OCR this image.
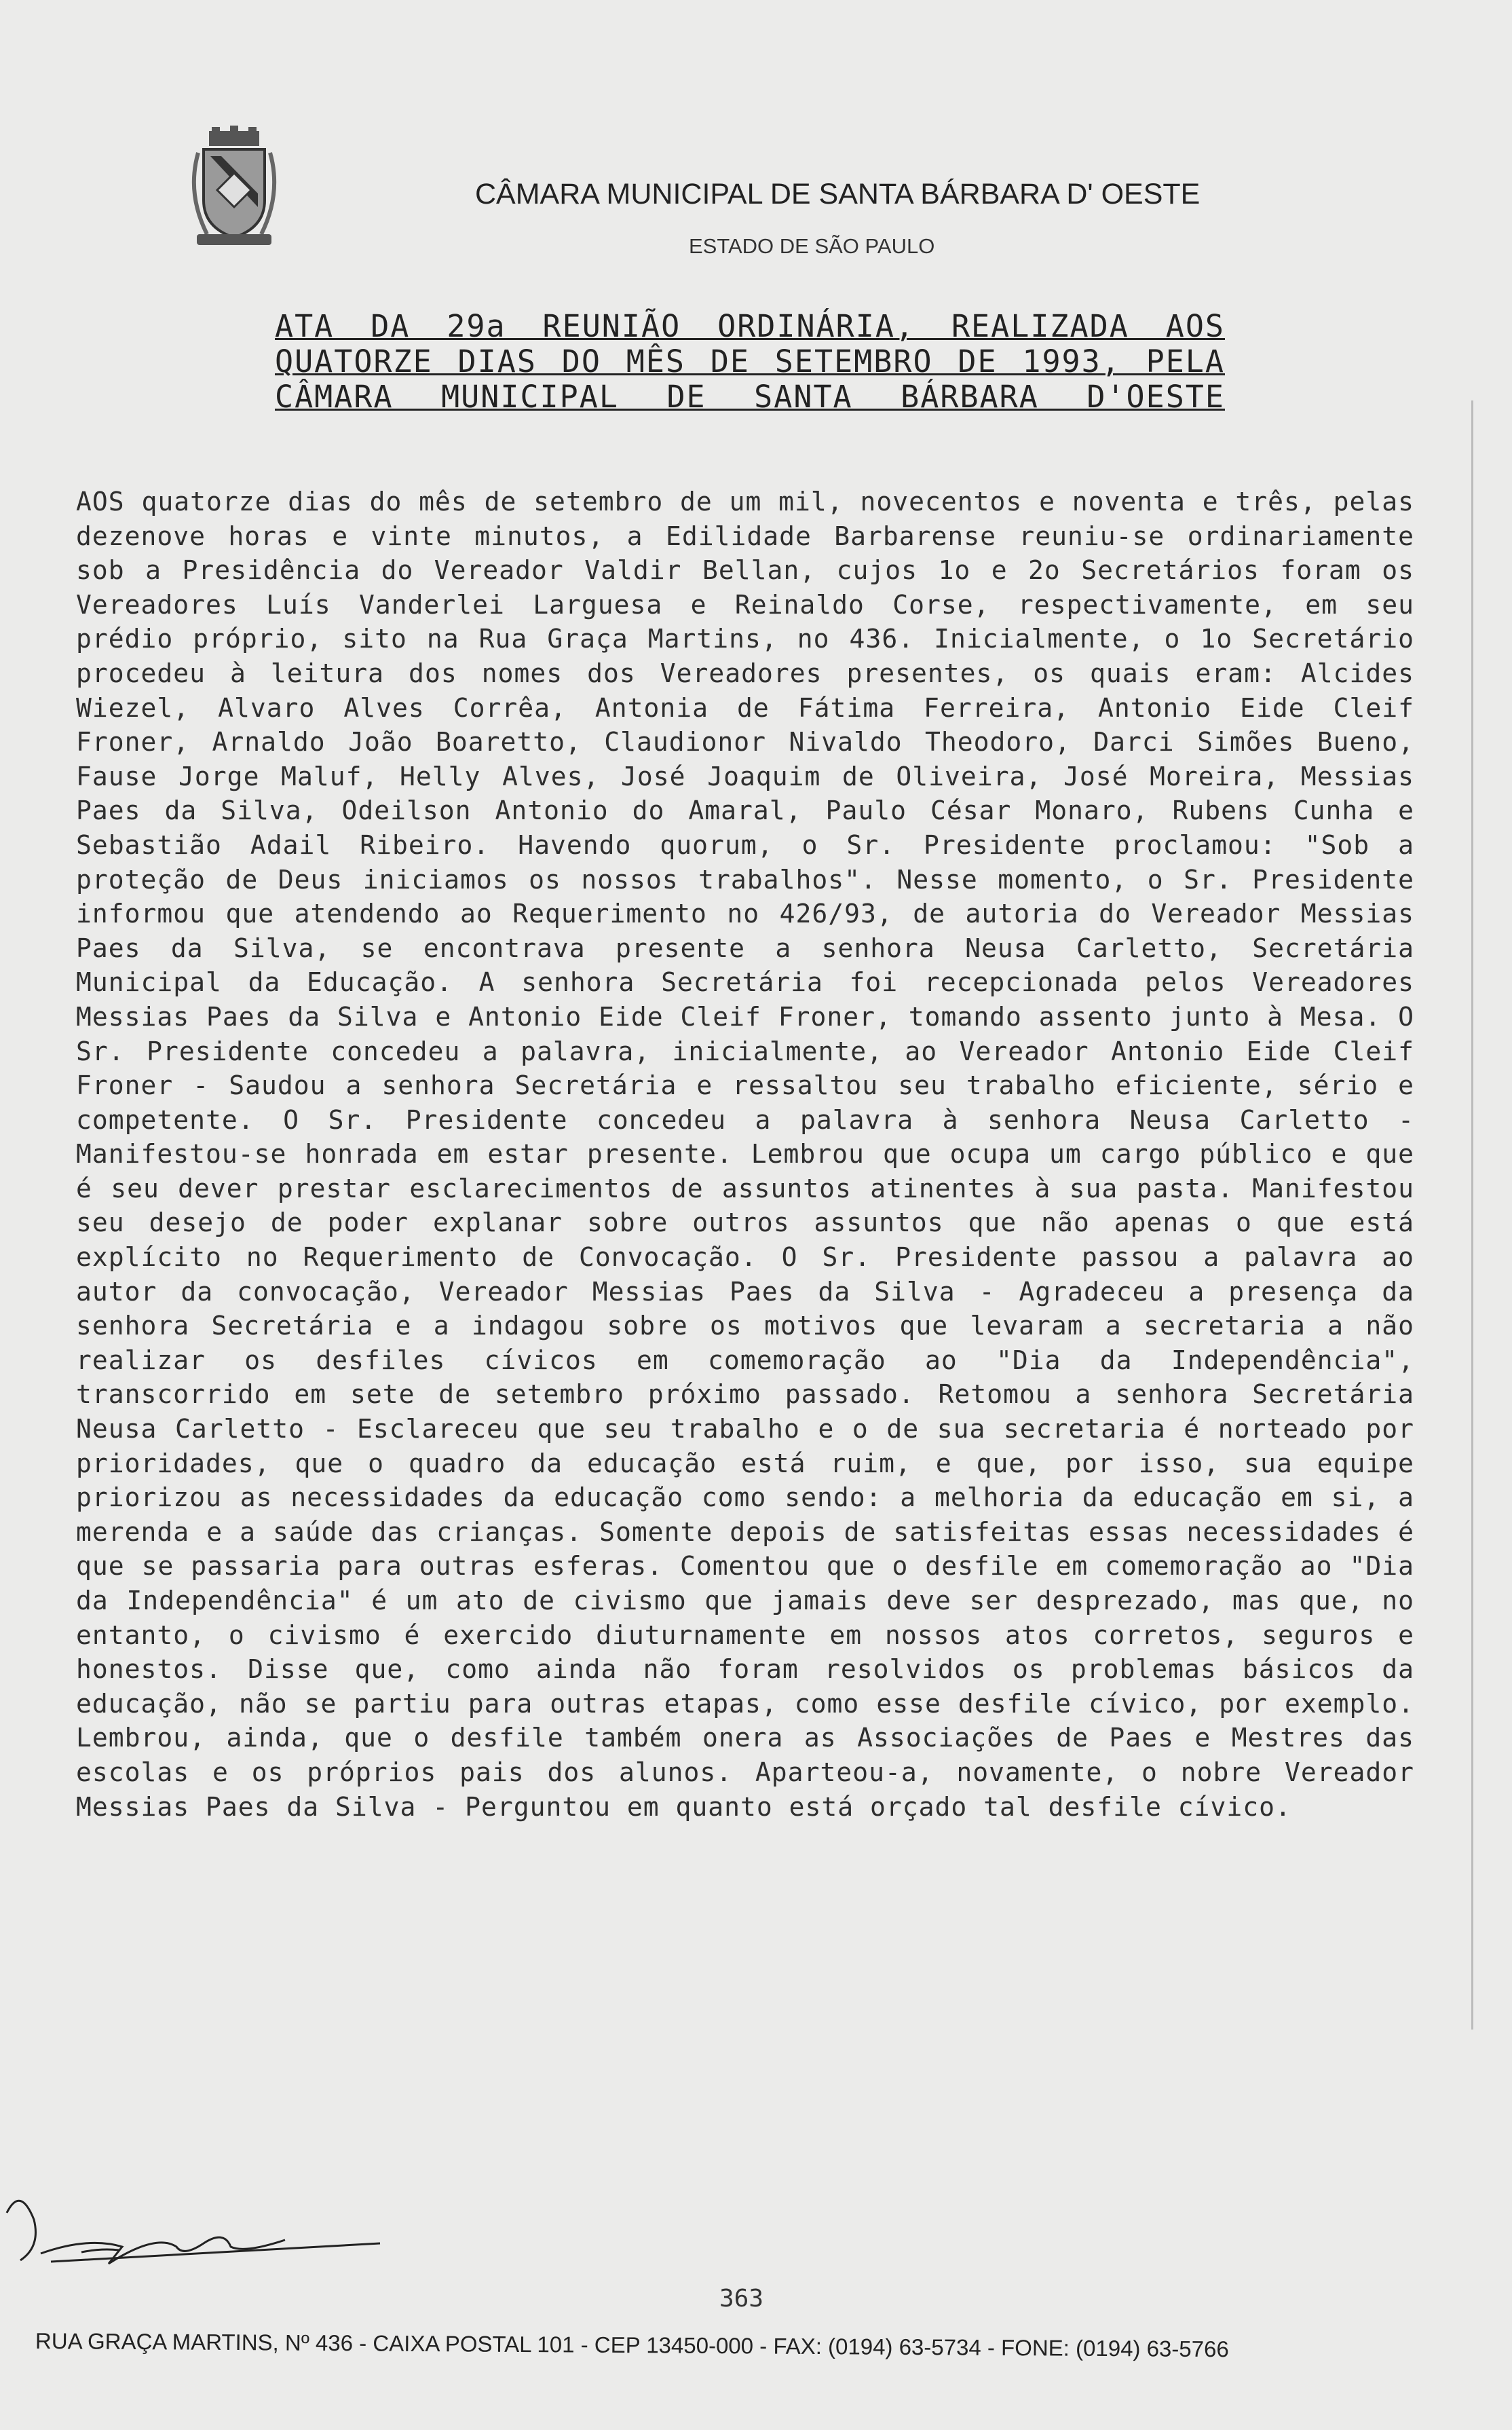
CÂMARA MUNICIPAL DE SANTA BÁRBARA D' OESTE
ESTADO DE SÃO PAULO
ATA DA 29a REUNIÃO ORDINÁRIA, REALIZADA AOS
QUATORZE DIAS DO MÊS DE SETEMBRO DE 1993, PELA
CÂMARA MUNICIPAL DE SANTA BÁRBARA D'OESTE

AOS quatorze dias do mês de setembro de um mil, novecentos e noventa e três, pelas dezenove horas e vinte minutos, a Edilidade Barbarense reuniu-se ordinariamente sob a Presidência do Vereador Valdir Bellan, cujos 1o e 2o Secretários foram os Vereadores Luís Vanderlei Larguesa e Reinaldo Corse, respectivamente, em seu prédio próprio, sito na Rua Graça Martins, no 436. Inicialmente, o 1o Secretário procedeu à leitura dos nomes dos Vereadores presentes, os quais eram: Alcides Wiezel, Alvaro Alves Corrêa, Antonia de Fátima Ferreira, Antonio Eide Cleif Froner, Arnaldo João Boaretto, Claudionor Nivaldo Theodoro, Darci Simões Bueno, Fause Jorge Maluf, Helly Alves, José Joaquim de Oliveira, José Moreira, Messias Paes da Silva, Odeilson Antonio do Amaral, Paulo César Monaro, Rubens Cunha e Sebastião Adail Ribeiro. Havendo quorum, o Sr. Presidente proclamou: "Sob a proteção de Deus iniciamos os nossos trabalhos". Nesse momento, o Sr. Presidente informou que atendendo ao Requerimento no 426/93, de autoria do Vereador Messias Paes da Silva, se encontrava presente a senhora Neusa Carletto, Secretária Municipal da Educação. A senhora Secretária foi recepcionada pelos Vereadores Messias Paes da Silva e Antonio Eide Cleif Froner, tomando assento junto à Mesa. O Sr. Presidente concedeu a palavra, inicialmente, ao Vereador Antonio Eide Cleif Froner - Saudou a senhora Secretária e ressaltou seu trabalho eficiente, sério e competente. O Sr. Presidente concedeu a palavra à senhora Neusa Carletto - Manifestou-se honrada em estar presente. Lembrou que ocupa um cargo público e que é seu dever prestar esclarecimentos de assuntos atinentes à sua pasta. Manifestou seu desejo de poder explanar sobre outros assuntos que não apenas o que está explícito no Requerimento de Convocação. O Sr. Presidente passou a palavra ao autor da convocação, Vereador Messias Paes da Silva - Agradeceu a presença da senhora Secretária e a indagou sobre os motivos que levaram a secretaria a não realizar os desfiles cívicos em comemoração ao "Dia da Independência", transcorrido em sete de setembro próximo passado. Retomou a senhora Secretária Neusa Carletto - Esclareceu que seu trabalho e o de sua secretaria é norteado por prioridades, que o quadro da educação está ruim, e que, por isso, sua equipe priorizou as necessidades da educação como sendo: a melhoria da educação em si, a merenda e a saúde das crianças. Somente depois de satisfeitas essas necessidades é que se passaria para outras esferas. Comentou que o desfile em comemoração ao "Dia da Independência" é um ato de civismo que jamais deve ser desprezado, mas que, no entanto, o civismo é exercido diuturnamente em nossos atos corretos, seguros e honestos. Disse que, como ainda não foram resolvidos os problemas básicos da educação, não se partiu para outras etapas, como esse desfile cívico, por exemplo. Lembrou, ainda, que o desfile também onera as Associações de Paes e Mestres das escolas e os próprios pais dos alunos. Aparteou-a, novamente, o nobre Vereador Messias Paes da Silva - Perguntou em quanto está orçado tal desfile cívico.

363
RUA GRAÇA MARTINS, Nº 436 - CAIXA POSTAL 101 - CEP 13450-000 - FAX: (0194) 63-5734 - FONE: (0194) 63-5766
